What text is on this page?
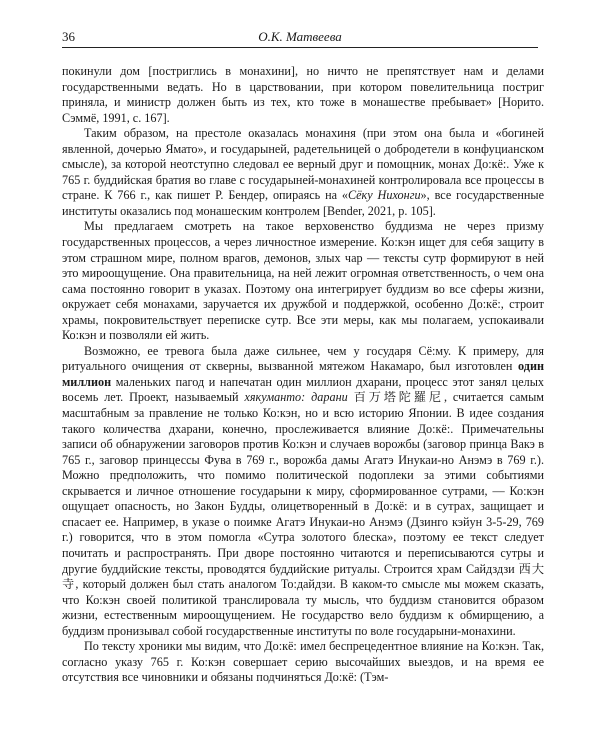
36	О.К. Матвеева

покинули дом [постриглись в монахини], но ничто не препятствует нам и делами государственными ведать. Но в царствовании, при котором повелительница постриг приняла, и министр должен быть из тех, кто тоже в монашестве пребывает» [Норито. Сэммё, 1991, с. 167].

Таким образом, на престоле оказалась монахиня (при этом она была и «богиней явленной, дочерью Ямато», и государыней, радетельницей о добродетели в конфуцианском смысле), за которой неотступно следовал ее верный друг и помощник, монах До:кё:. Уже к 765 г. буддийская братия во главе с государыней-монахиней контролировала все процессы в стране. К 766 г., как пишет Р. Бендер, опираясь на «Сёку Нихонги», все государственные институты оказались под монашеским контролем [Bender, 2021, p. 105].

Мы предлагаем смотреть на такое верховенство буддизма не через призму государственных процессов, а через личностное измерение. Ко:кэн ищет для себя защиту в этом страшном мире, полном врагов, демонов, злых чар — тексты сутр формируют в ней это мироощущение. Она правительница, на ней лежит огромная ответственность, о чем она сама постоянно говорит в указах. Поэтому она интегрирует буддизм во все сферы жизни, окружает себя монахами, заручается их дружбой и поддержкой, особенно До:кё:, строит храмы, покровительствует переписке сутр. Все эти меры, как мы полагаем, успокаивали Ко:кэн и позволяли ей жить.

Возможно, ее тревога была даже сильнее, чем у государя Сё:му. К примеру, для ритуального очищения от скверны, вызванной мятежом Накамаро, был изготовлен один миллион маленьких пагод и напечатан один миллион дхарани, процесс этот занял целых восемь лет. Проект, называемый хякумантo: дарани 百万塔陀羅尼, считается самым масштабным за правление не только Ко:кэн, но и всю историю Японии. В идее создания такого количества дхарани, конечно, прослеживается влияние До:кё:. Примечательны записи об обнаружении заговоров против Ко:кэн и случаев ворожбы (заговор принца Вакэ в 765 г., заговор принцессы Фува в 769 г., ворожба дамы Агатэ Инукаи-но Анэмэ в 769 г.). Можно предположить, что помимо политической подоплеки за этими событиями скрывается и личное отношение государыни к миру, сформированное сутрами, — Ко:кэн ощущает опасность, но Закон Будды, олицетворенный в До:кё: и в сутрах, защищает и спасает ее. Например, в указе о поимке Агатэ Инукаи-но Анэмэ (Дзинго кэйун 3-5-29, 769 г.) говорится, что в этом помогла «Сутра золотого блеска», поэтому ее текст следует почитать и распространять. При дворе постоянно читаются и переписываются сутры и другие буддийские тексты, проводятся буддийские ритуалы. Строится храм Сайдздзи 西大寺, который должен был стать аналогом То:дайдзи. В каком-то смысле мы можем сказать, что Ко:кэн своей политикой транслировала ту мысль, что буддизм становится образом жизни, естественным мироощущением. Не государство вело буддизм к обмирщению, а буддизм пронизывал собой государственные институты по воле государыни-монахини.

По тексту хроники мы видим, что До:кё: имел беспрецедентное влияние на Ко:кэн. Так, согласно указу 765 г. Ко:кэн совершает серию высочайших выездов, и на время ее отсутствия все чиновники и обязаны подчиняться До:кё: (Тэм-
